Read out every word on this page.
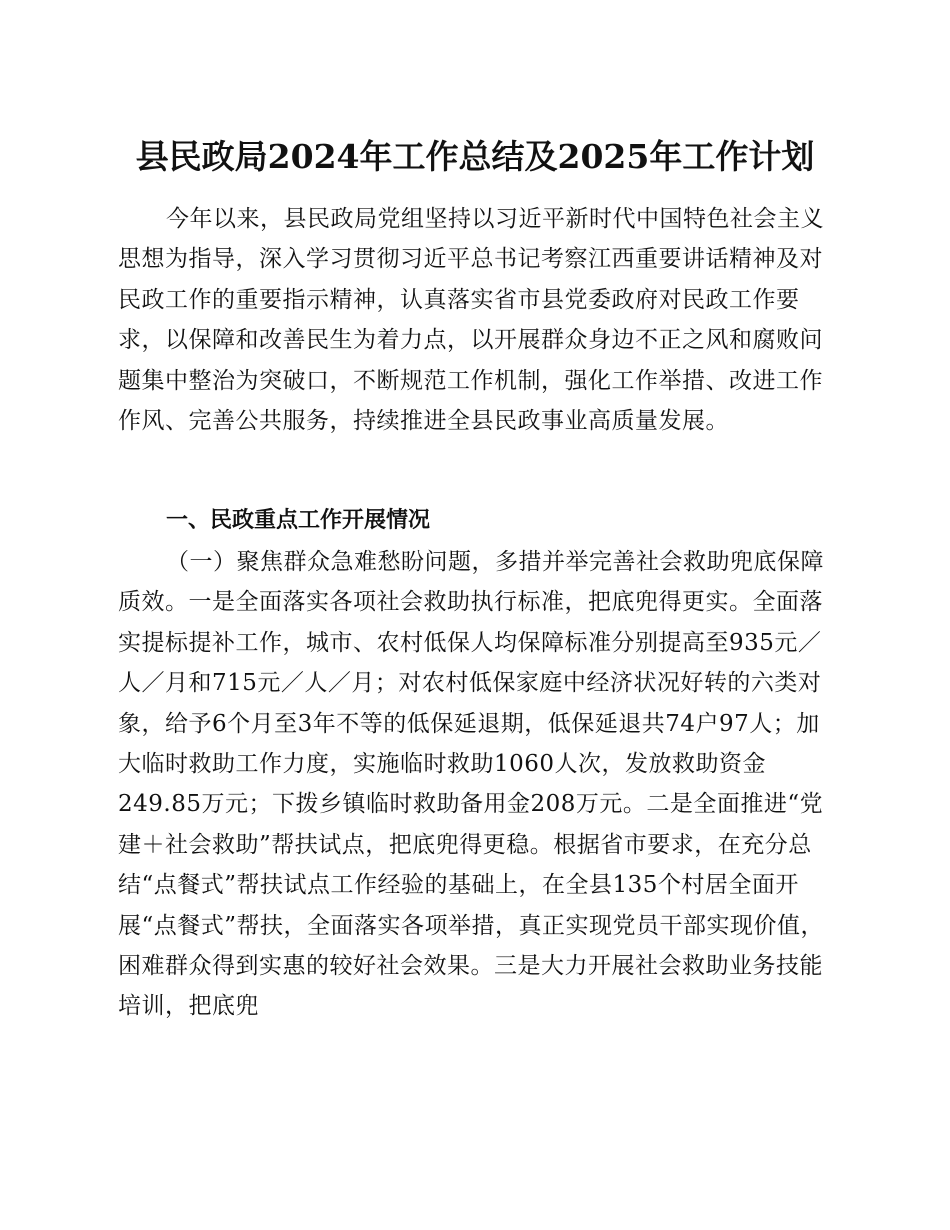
县民政局2024年工作总结及2025年工作计划

今年以来，县民政局党组坚持以习近平新时代中国特色社会主义思想为指导，深入学习贯彻习近平总书记考察江西重要讲话精神及对民政工作的重要指示精神，认真落实省市县党委政府对民政工作要求，以保障和改善民生为着力点，以开展群众身边不正之风和腐败问题集中整治为突破口，不断规范工作机制，强化工作举措、改进工作作风、完善公共服务，持续推进全县民政事业高质量发展。

一、民政重点工作开展情况

（一）聚焦群众急难愁盼问题，多措并举完善社会救助兜底保障质效。一是全面落实各项社会救助执行标准，把底兜得更实。全面落实提标提补工作，城市、农村低保人均保障标准分别提高至935元／人／月和715元／人／月；对农村低保家庭中经济状况好转的六类对象，给予6个月至3年不等的低保延退期，低保延退共74户97人；加大临时救助工作力度，实施临时救助1060人次，发放救助资金249.85万元；下拨乡镇临时救助备用金208万元。二是全面推进“党建＋社会救助”帮扶试点，把底兜得更稳。根据省市要求，在充分总结“点餐式”帮扶试点工作经验的基础上，在全县135个村居全面开展“点餐式”帮扶，全面落实各项举措，真正实现党员干部实现价值，困难群众得到实惠的较好社会效果。三是大力开展社会救助业务技能培训，把底兜
